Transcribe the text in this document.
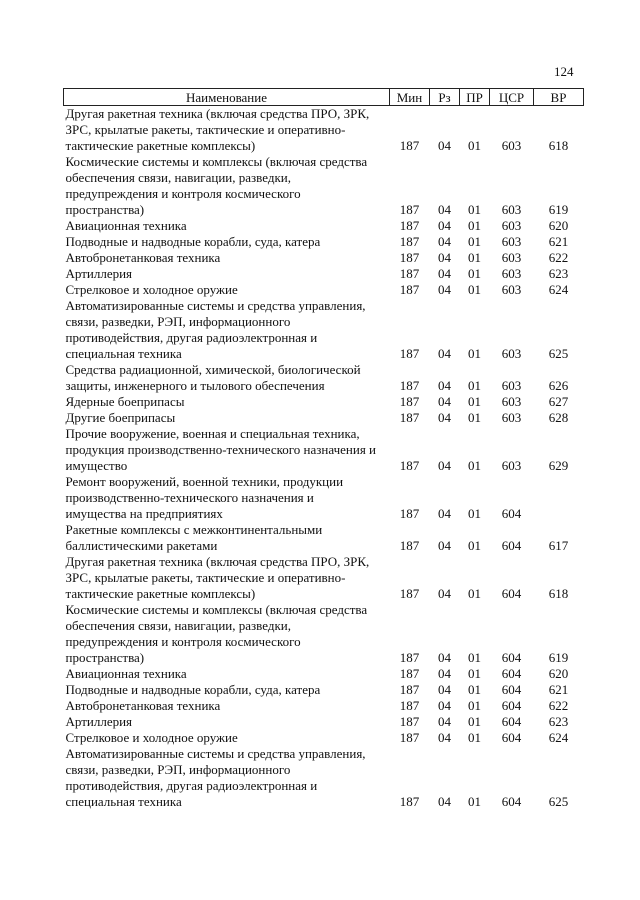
124
Наименование	Мин	Рз	ПР	ЦСР	ВР
Другая ракетная техника (включая средства ПРО, ЗРК, ЗРС, крылатые ракеты, тактические и оперативно-тактические ракетные комплексы)	187	04	01	603	618
Космические системы и комплексы (включая средства обеспечения связи, навигации, разведки, предупреждения и контроля космического пространства)	187	04	01	603	619
Авиационная техника	187	04	01	603	620
Подводные и надводные корабли, суда, катера	187	04	01	603	621
Автобронетанковая техника	187	04	01	603	622
Артиллерия	187	04	01	603	623
Стрелковое и холодное оружие	187	04	01	603	624
Автоматизированные системы и средства управления, связи, разведки, РЭП, информационного противодействия, другая радиоэлектронная и специальная техника	187	04	01	603	625
Средства радиационной, химической, биологической защиты, инженерного и тылового обеспечения	187	04	01	603	626
Ядерные боеприпасы	187	04	01	603	627
Другие боеприпасы	187	04	01	603	628
Прочие вооружение, военная и специальная техника, продукция производственно-технического назначения и имущество	187	04	01	603	629
Ремонт вооружений, военной техники, продукции производственно-технического назначения и имущества на предприятиях	187	04	01	604	
Ракетные комплексы с межконтинентальными баллистическими ракетами	187	04	01	604	617
Другая ракетная техника (включая средства ПРО, ЗРК, ЗРС, крылатые ракеты, тактические и оперативно-тактические ракетные комплексы)	187	04	01	604	618
Космические системы и комплексы (включая средства обеспечения связи, навигации, разведки, предупреждения и контроля космического пространства)	187	04	01	604	619
Авиационная техника	187	04	01	604	620
Подводные и надводные корабли, суда, катера	187	04	01	604	621
Автобронетанковая техника	187	04	01	604	622
Артиллерия	187	04	01	604	623
Стрелковое и холодное оружие	187	04	01	604	624
Автоматизированные системы и средства управления, связи, разведки, РЭП, информационного противодействия, другая радиоэлектронная и специальная техника	187	04	01	604	625
